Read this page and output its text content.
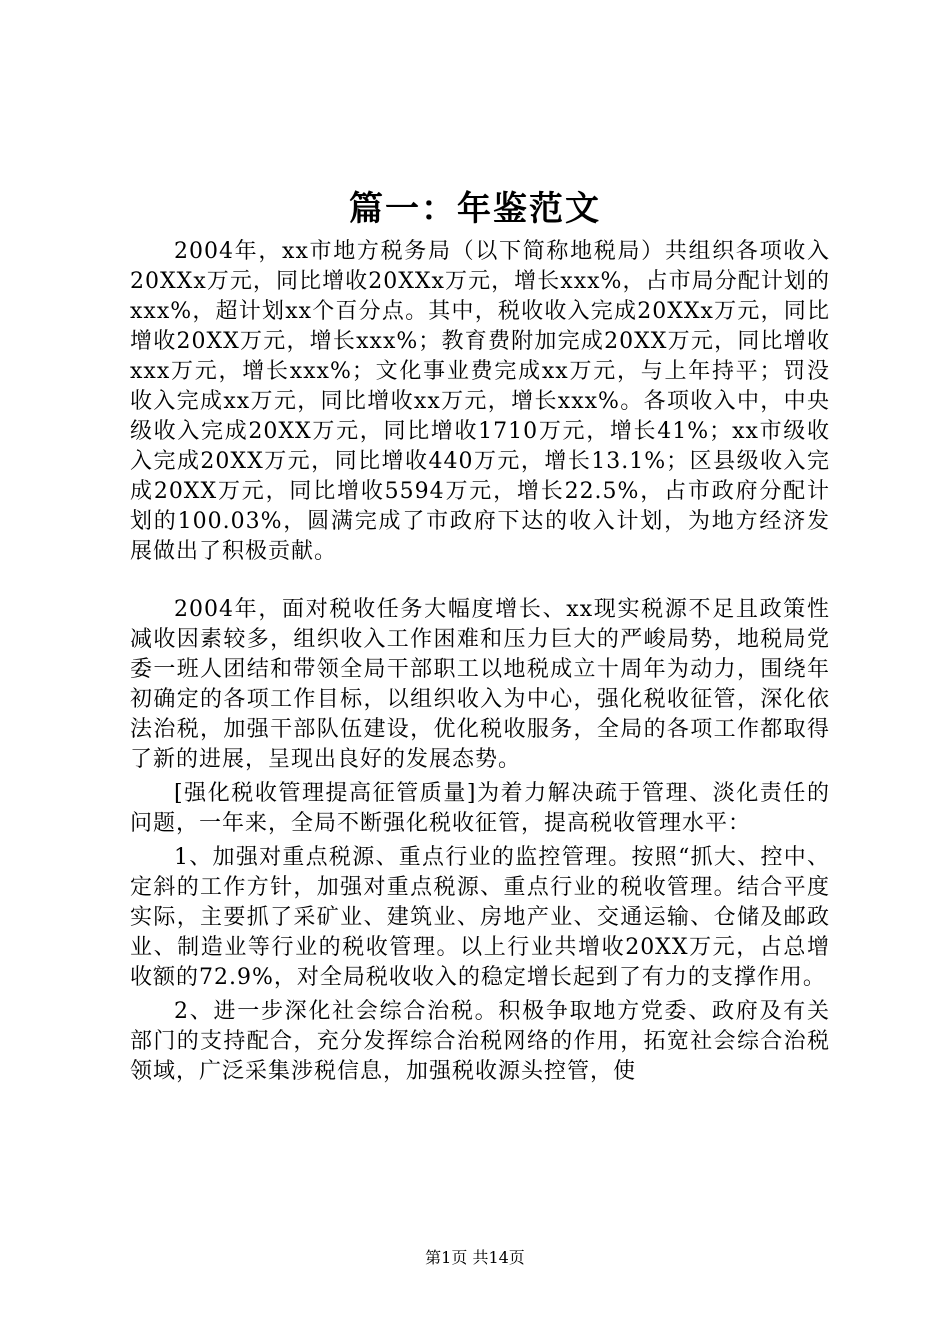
篇一：年鉴范文

2004年，xx市地方税务局（以下简称地税局）共组织各项收入20XXx万元，同比增收20XXx万元，增长xxx%，占市局分配计划的xxx%，超计划xx个百分点。其中，税收收入完成20XXx万元，同比增收20XX万元，增长xxx%；教育费附加完成20XX万元，同比增收xxx万元，增长xxx%；文化事业费完成xx万元，与上年持平；罚没收入完成xx万元，同比增收xx万元，增长xxx%。各项收入中，中央级收入完成20XX万元，同比增收1710万元，增长41%；xx市级收入完成20XX万元，同比增收440万元，增长13.1%；区县级收入完成20XX万元，同比增收5594万元，增长22.5%，占市政府分配计划的100.03%，圆满完成了市政府下达的收入计划，为地方经济发展做出了积极贡献。

2004年，面对税收任务大幅度增长、xx现实税源不足且政策性减收因素较多，组织收入工作困难和压力巨大的严峻局势，地税局党委一班人团结和带领全局干部职工以地税成立十周年为动力，围绕年初确定的各项工作目标，以组织收入为中心，强化税收征管，深化依法治税，加强干部队伍建设，优化税收服务，全局的各项工作都取得了新的进展，呈现出良好的发展态势。

[强化税收管理提高征管质量]为着力解决疏于管理、淡化责任的问题，一年来，全局不断强化税收征管，提高税收管理水平：

1、加强对重点税源、重点行业的监控管理。按照“抓大、控中、定斜的工作方针，加强对重点税源、重点行业的税收管理。结合平度实际，主要抓了采矿业、建筑业、房地产业、交通运输、仓储及邮政业、制造业等行业的税收管理。以上行业共增收20XX万元，占总增收额的72.9%，对全局税收收入的稳定增长起到了有力的支撑作用。

2、进一步深化社会综合治税。积极争取地方党委、政府及有关部门的支持配合，充分发挥综合治税网络的作用，拓宽社会综合治税领域，广泛采集涉税信息，加强税收源头控管，使

第1页 共14页
